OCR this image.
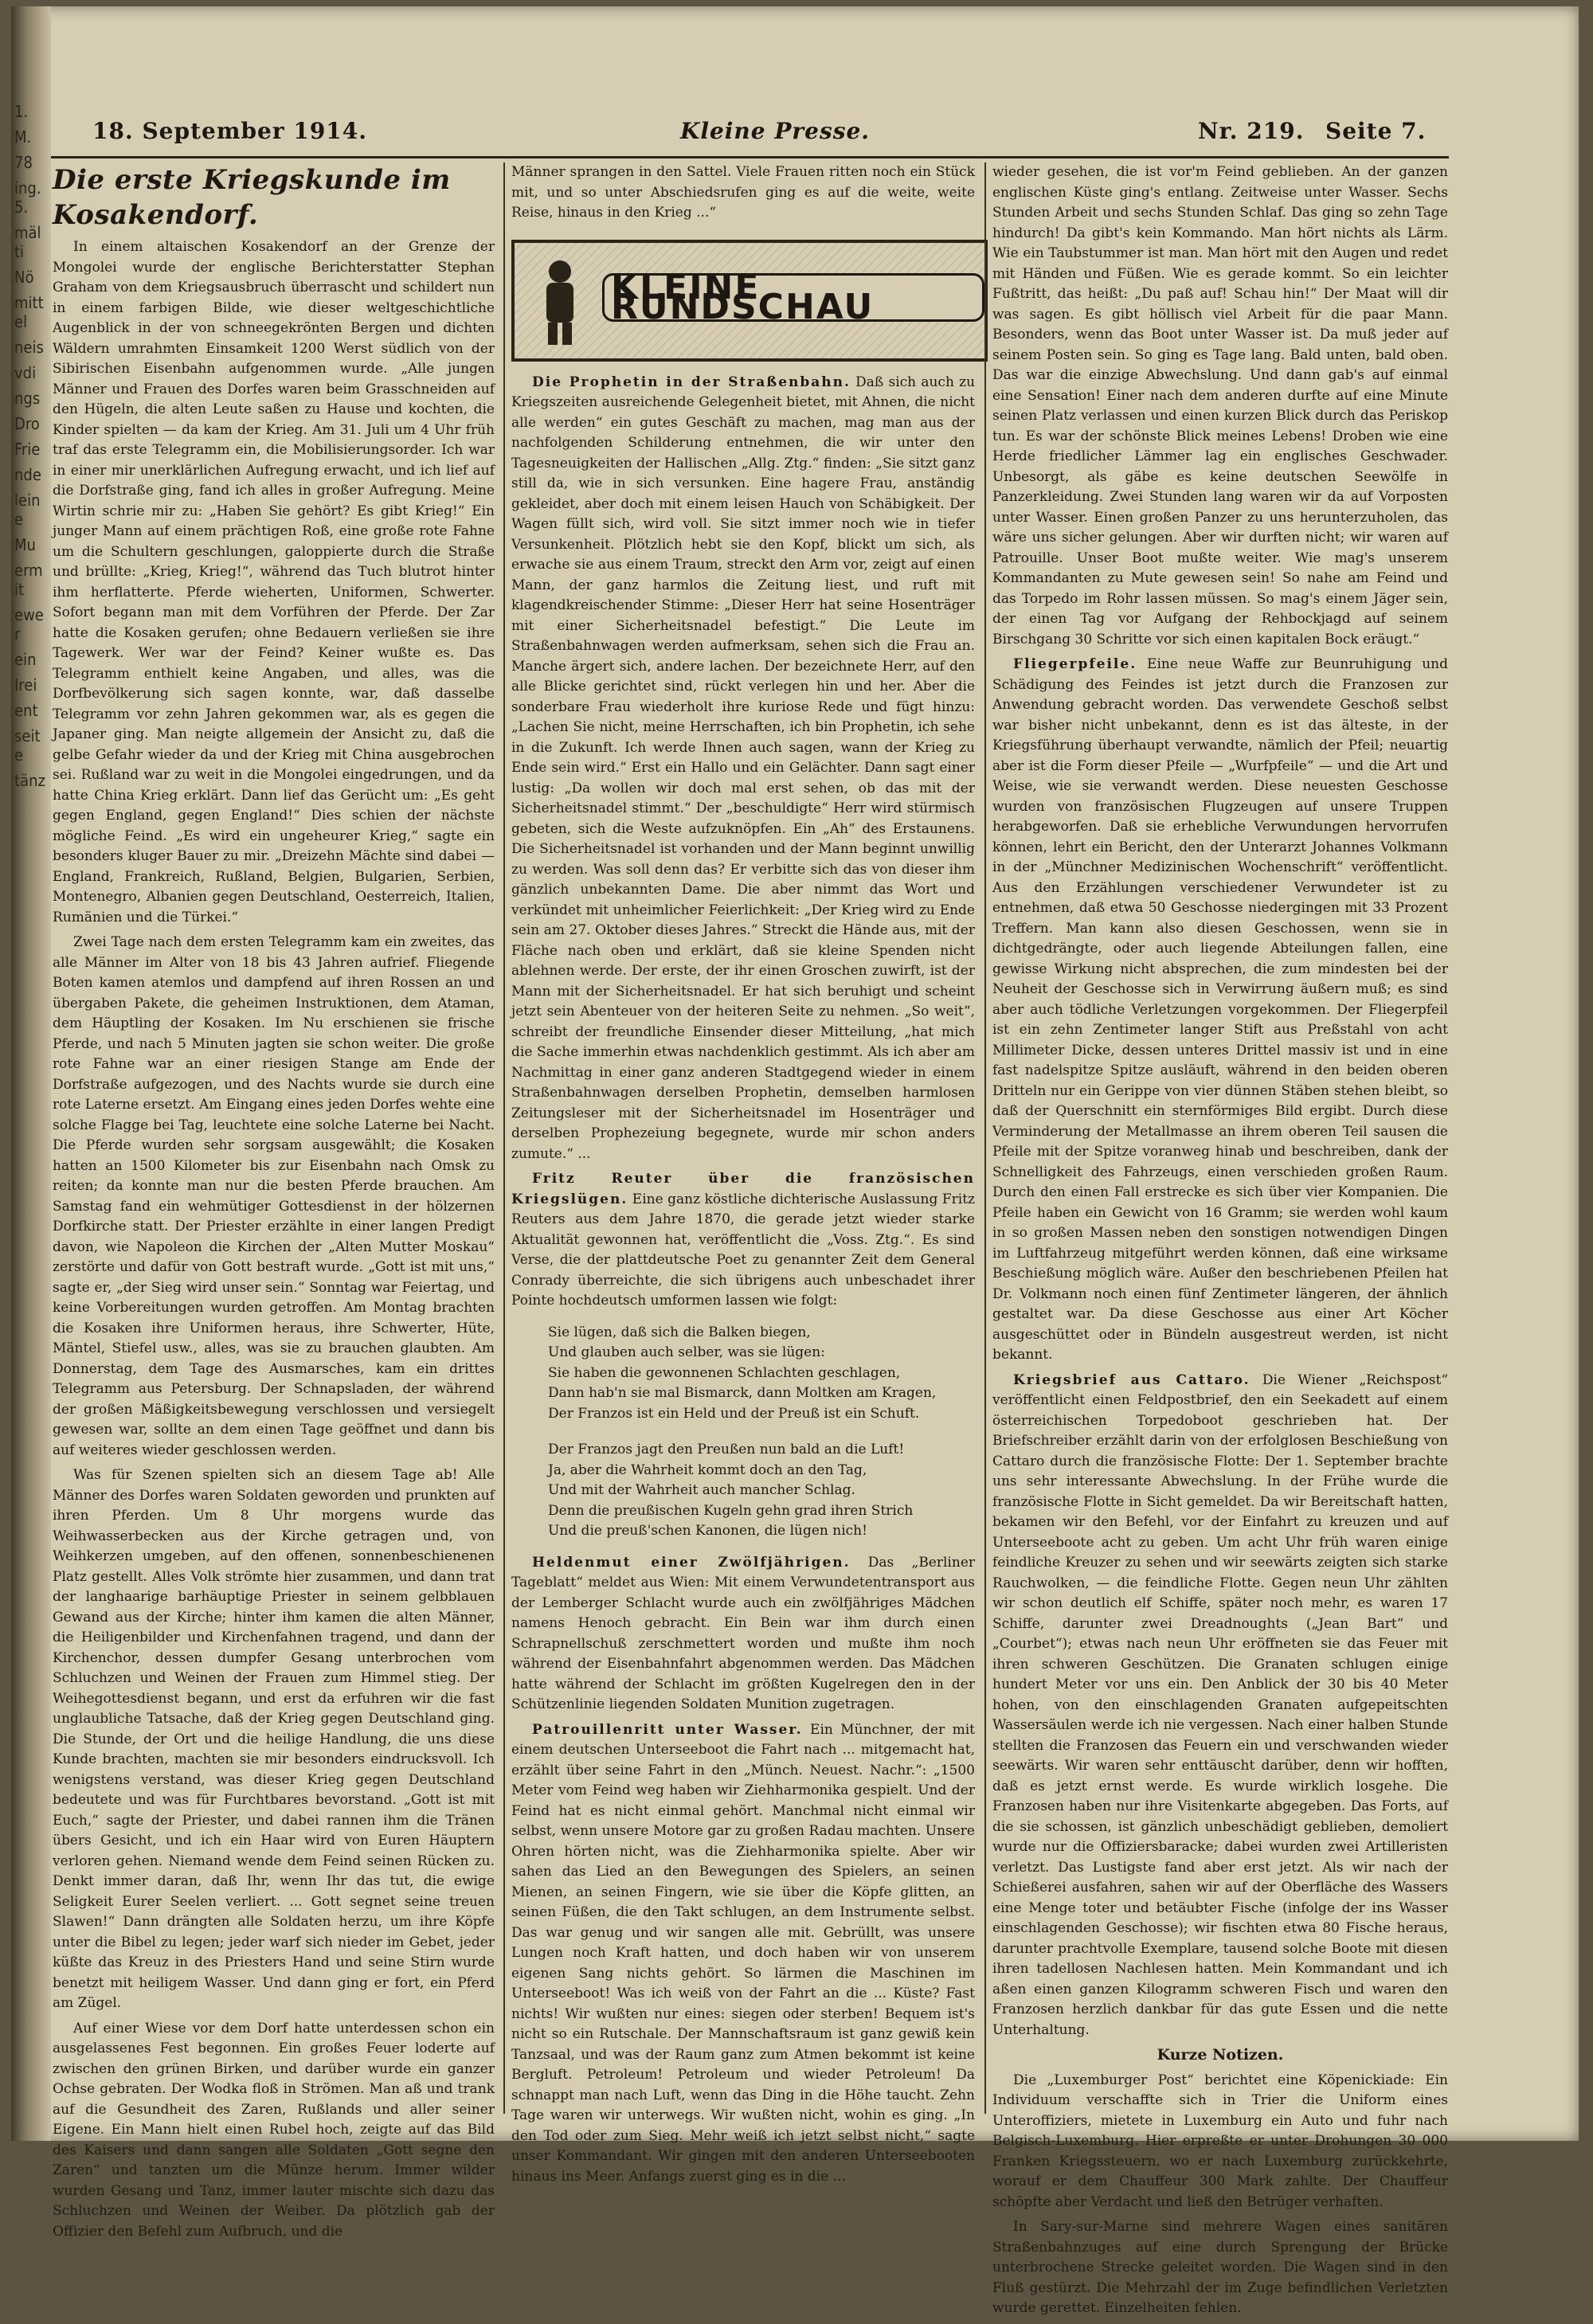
1.
M.
78
ing. 5.
mälti
Nö
mittel
neis
vdi
ngs
Dro
Frie
nde
leine
Mu
ermit
ewer
ein
Irei
ent
seite
tänz
18. September 1914.	Kleine Presse.	Nr. 219. Seite 7.

Die erste Kriegskunde im Kosakendorf.

In einem altaischen Kosakendorf an der Grenze der Mongolei wurde der englische Berichterstatter Stephan Graham von dem Kriegsausbruch überrascht und schildert nun in einem farbigen Bilde, wie dieser weltgeschichtliche Augenblick in der von schneegekrönten Bergen und dichten Wäldern umrahmten Einsamkeit 1200 Werst südlich von der Sibirischen Eisenbahn aufgenommen wurde. „Alle jungen Männer und Frauen des Dorfes waren beim Grasschneiden auf den Hügeln, die alten Leute saßen zu Hause und kochten, die Kinder spielten — da kam der Krieg. Am 31. Juli um 4 Uhr früh traf das erste Telegramm ein, die Mobilisierungsorder. Ich war in einer mir unerklärlichen Aufregung erwacht, und ich lief auf die Dorfstraße ging, fand ich alles in großer Aufregung. Meine Wirtin schrie mir zu: „Haben Sie gehört? Es gibt Krieg!“ Ein junger Mann auf einem prächtigen Roß, eine große rote Fahne um die Schultern geschlungen, galoppierte durch die Straße und brüllte: „Krieg, Krieg!“, während das Tuch blutrot hinter ihm herflatterte. Pferde wieherten, Uniformen, Schwerter. Sofort begann man mit dem Vorführen der Pferde. Der Zar hatte die Kosaken gerufen; ohne Bedauern verließen sie ihre Tagewerk. Wer war der Feind? Keiner wußte es. Das Telegramm enthielt keine Angaben, und alles, was die Dorfbevölkerung sich sagen konnte, war, daß dasselbe Telegramm vor zehn Jahren gekommen war, als es gegen die Japaner ging. Man neigte allgemein der Ansicht zu, daß die gelbe Gefahr wieder da und der Krieg mit China ausgebrochen sei. Rußland war zu weit in die Mongolei eingedrungen, und da hatte China Krieg erklärt. Dann lief das Gerücht um: „Es geht gegen England, gegen England!“ Dies schien der nächste mögliche Feind. „Es wird ein ungeheurer Krieg,“ sagte ein besonders kluger Bauer zu mir. „Dreizehn Mächte sind dabei — England, Frankreich, Rußland, Belgien, Bulgarien, Serbien, Montenegro, Albanien gegen Deutschland, Oesterreich, Italien, Rumänien und die Türkei.“

Zwei Tage nach dem ersten Telegramm kam ein zweites, das alle Männer im Alter von 18 bis 43 Jahren aufrief. Fliegende Boten kamen atemlos und dampfend auf ihren Rossen an und übergaben Pakete, die geheimen Instruktionen, dem Ataman, dem Häuptling der Kosaken. Im Nu erschienen sie frische Pferde, und nach 5 Minuten jagten sie schon weiter. Die große rote Fahne war an einer riesigen Stange am Ende der Dorfstraße aufgezogen, und des Nachts wurde sie durch eine rote Laterne ersetzt. Am Eingang eines jeden Dorfes wehte eine solche Flagge bei Tag, leuchtete eine solche Laterne bei Nacht. Die Pferde wurden sehr sorgsam ausgewählt; die Kosaken hatten an 1500 Kilometer bis zur Eisenbahn nach Omsk zu reiten; da konnte man nur die besten Pferde brauchen. Am Samstag fand ein wehmütiger Gottesdienst in der hölzernen Dorfkirche statt. Der Priester erzählte in einer langen Predigt davon, wie Napoleon die Kirchen der „Alten Mutter Moskau“ zerstörte und dafür von Gott bestraft wurde. „Gott ist mit uns,“ sagte er, „der Sieg wird unser sein.“ Sonntag war Feiertag, und keine Vorbereitungen wurden getroffen. Am Montag brachten die Kosaken ihre Uniformen heraus, ihre Schwerter, Hüte, Mäntel, Stiefel usw., alles, was sie zu brauchen glaubten. Am Donnerstag, dem Tage des Ausmarsches, kam ein drittes Telegramm aus Petersburg. Der Schnapsladen, der während der großen Mäßigkeitsbewegung verschlossen und versiegelt gewesen war, sollte an dem einen Tage geöffnet und dann bis auf weiteres wieder geschlossen werden.

Was für Szenen spielten sich an diesem Tage ab! Alle Männer des Dorfes waren Soldaten geworden und prunkten auf ihren Pferden. Um 8 Uhr morgens wurde das Weihwasserbecken aus der Kirche getragen und, von Weihkerzen umgeben, auf den offenen, sonnenbeschienenen Platz gestellt. Alles Volk strömte hier zusammen, und dann trat der langhaarige barhäuptige Priester in seinem gelbblauen Gewand aus der Kirche; hinter ihm kamen die alten Männer, die Heiligenbilder und Kirchenfahnen tragend, und dann der Kirchenchor, dessen dumpfer Gesang unterbrochen vom Schluchzen und Weinen der Frauen zum Himmel stieg. Der Weihegottesdienst begann, und erst da erfuhren wir die fast unglaubliche Tatsache, daß der Krieg gegen Deutschland ging. Die Stunde, der Ort und die heilige Handlung, die uns diese Kunde brachten, machten sie mir besonders eindrucksvoll. Ich wenigstens verstand, was dieser Krieg gegen Deutschland bedeutete und was für Furchtbares bevorstand. „Gott ist mit Euch,“ sagte der Priester, und dabei rannen ihm die Tränen übers Gesicht, und ich ein Haar wird von Euren Häuptern verloren gehen. Niemand wende dem Feind seinen Rücken zu. Denkt immer daran, daß Ihr, wenn Ihr das tut, die ewige Seligkeit Eurer Seelen verliert. ... Gott segnet seine treuen Slawen!“ Dann drängten alle Soldaten herzu, um ihre Köpfe unter die Bibel zu legen; jeder warf sich nieder im Gebet, jeder küßte das Kreuz in des Priesters Hand und seine Stirn wurde benetzt mit heiligem Wasser. Und dann ging er fort, ein Pferd am Zügel.

Auf einer Wiese vor dem Dorf hatte unterdessen schon ein ausgelassenes Fest begonnen. Ein großes Feuer loderte auf zwischen den grünen Birken, und darüber wurde ein ganzer Ochse gebraten. Der Wodka floß in Strömen. Man aß und trank auf die Gesundheit des Zaren, Rußlands und aller seiner Eigene. Ein Mann hielt einen Rubel hoch, zeigte auf das Bild des Kaisers und dann sangen alle Soldaten „Gott segne den Zaren“ und tanzten um die Münze herum. Immer wilder wurden Gesang und Tanz, immer lauter mischte sich dazu das Schluchzen und Weinen der Weiber. Da plötzlich gab der Offizier den Befehl zum Aufbruch, und die

Männer sprangen in den Sattel. Viele Frauen ritten noch ein Stück mit, und so unter Abschiedsrufen ging es auf die weite, weite Reise, hinaus in den Krieg ...“

KLEINE RUNDSCHAU

Die Prophetin in der Straßenbahn. Daß sich auch zu Kriegszeiten ausreichende Gelegenheit bietet, mit Ahnen, die nicht alle werden“ ein gutes Geschäft zu machen, mag man aus der nachfolgenden Schilderung entnehmen, die wir unter den Tagesneuigkeiten der Hallischen „Allg. Ztg.“ finden: „Sie sitzt ganz still da, wie in sich versunken. Eine hagere Frau, anständig gekleidet, aber doch mit einem leisen Hauch von Schäbigkeit. Der Wagen füllt sich, wird voll. Sie sitzt immer noch wie in tiefer Versunkenheit. Plötzlich hebt sie den Kopf, blickt um sich, als erwache sie aus einem Traum, streckt den Arm vor, zeigt auf einen Mann, der ganz harmlos die Zeitung liest, und ruft mit klagendkreischender Stimme: „Dieser Herr hat seine Hosenträger mit einer Sicherheitsnadel befestigt.“ Die Leute im Straßenbahnwagen werden aufmerksam, sehen sich die Frau an. Manche ärgert sich, andere lachen. Der bezeichnete Herr, auf den alle Blicke gerichtet sind, rückt verlegen hin und her. Aber die sonderbare Frau wiederholt ihre kuriose Rede und fügt hinzu: „Lachen Sie nicht, meine Herrschaften, ich bin Prophetin, ich sehe in die Zukunft. Ich werde Ihnen auch sagen, wann der Krieg zu Ende sein wird.“ Erst ein Hallo und ein Gelächter. Dann sagt einer lustig: „Da wollen wir doch mal erst sehen, ob das mit der Sicherheitsnadel stimmt.“ Der „beschuldigte“ Herr wird stürmisch gebeten, sich die Weste aufzuknöpfen. Ein „Ah“ des Erstaunens. Die Sicherheitsnadel ist vorhanden und der Mann beginnt unwillig zu werden. Was soll denn das? Er verbitte sich das von dieser ihm gänzlich unbekannten Dame. Die aber nimmt das Wort und verkündet mit unheimlicher Feierlichkeit: „Der Krieg wird zu Ende sein am 27. Oktober dieses Jahres.“ Streckt die Hände aus, mit der Fläche nach oben und erklärt, daß sie kleine Spenden nicht ablehnen werde. Der erste, der ihr einen Groschen zuwirft, ist der Mann mit der Sicherheitsnadel. Er hat sich beruhigt und scheint jetzt sein Abenteuer von der heiteren Seite zu nehmen. „So weit“, schreibt der freundliche Einsender dieser Mitteilung, „hat mich die Sache immerhin etwas nachdenklich gestimmt. Als ich aber am Nachmittag in einer ganz anderen Stadtgegend wieder in einem Straßenbahnwagen derselben Prophetin, demselben harmlosen Zeitungsleser mit der Sicherheitsnadel im Hosenträger und derselben Prophezeiung begegnete, wurde mir schon anders zumute.“ ...

Fritz Reuter über die französischen Kriegslügen. Eine ganz köstliche dichterische Auslassung Fritz Reuters aus dem Jahre 1870, die gerade jetzt wieder starke Aktualität gewonnen hat, veröffentlicht die „Voss. Ztg.“. Es sind Verse, die der plattdeutsche Poet zu genannter Zeit dem General Conrady überreichte, die sich übrigens auch unbeschadet ihrer Pointe hochdeutsch umformen lassen wie folgt:

Sie lügen, daß sich die Balken biegen,
Und glauben auch selber, was sie lügen:
Sie haben die gewonnenen Schlachten geschlagen,
Dann hab'n sie mal Bismarck, dann Moltken am Kragen,
Der Franzos ist ein Held und der Preuß ist ein Schuft.
Der Franzos jagt den Preußen nun bald an die Luft!
Ja, aber die Wahrheit kommt doch an den Tag,
Und mit der Wahrheit auch mancher Schlag.
Denn die preußischen Kugeln gehn grad ihren Strich
Und die preuß'schen Kanonen, die lügen nich!

Heldenmut einer Zwölfjährigen. Das „Berliner Tageblatt“ meldet aus Wien: Mit einem Verwundetentransport aus der Lemberger Schlacht wurde auch ein zwölfjähriges Mädchen namens Henoch gebracht. Ein Bein war ihm durch einen Schrapnellschuß zerschmettert worden und mußte ihm noch während der Eisenbahnfahrt abgenommen werden. Das Mädchen hatte während der Schlacht im größten Kugelregen den in der Schützenlinie liegenden Soldaten Munition zugetragen.

Patrouillenritt unter Wasser. Ein Münchner, der mit einem deutschen Unterseeboot die Fahrt nach ... mitgemacht hat, erzählt über seine Fahrt in den „Münch. Neuest. Nachr.“: „1500 Meter vom Feind weg haben wir Ziehharmonika gespielt. Und der Feind hat es nicht einmal gehört. Manchmal nicht einmal wir selbst, wenn unsere Motore gar zu großen Radau machten. Unsere Ohren hörten nicht, was die Ziehharmonika spielte. Aber wir sahen das Lied an den Bewegungen des Spielers, an seinen Mienen, an seinen Fingern, wie sie über die Köpfe glitten, an seinen Füßen, die den Takt schlugen, an dem Instrumente selbst. Das war genug und wir sangen alle mit. Gebrüllt, was unsere Lungen noch Kraft hatten, und doch haben wir von unserem eigenen Sang nichts gehört. So lärmen die Maschinen im Unterseeboot! Was ich weiß von der Fahrt an die ... Küste? Fast nichts! Wir wußten nur eines: siegen oder sterben! Bequem ist's nicht so ein Rutschale. Der Mannschaftsraum ist ganz gewiß kein Tanzsaal, und was der Raum ganz zum Atmen bekommt ist keine Bergluft. Petroleum! Petroleum und wieder Petroleum! Da schnappt man nach Luft, wenn das Ding in die Höhe taucht. Zehn Tage waren wir unterwegs. Wir wußten nicht, wohin es ging. „In den Tod oder zum Sieg. Mehr weiß ich jetzt selbst nicht,“ sagte unser Kommandant. Wir gingen mit den anderen Unterseebooten hinaus ins Meer. Anfangs zuerst ging es in die ...

wieder gesehen, die ist vor'm Feind geblieben. An der ganzen englischen Küste ging's entlang. Zeitweise unter Wasser. Sechs Stunden Arbeit und sechs Stunden Schlaf. Das ging so zehn Tage hindurch! Da gibt's kein Kommando. Man hört nichts als Lärm. Wie ein Taubstummer ist man. Man hört mit den Augen und redet mit Händen und Füßen. Wie es gerade kommt. So ein leichter Fußtritt, das heißt: „Du paß auf! Schau hin!“ Der Maat will dir was sagen. Es gibt höllisch viel Arbeit für die paar Mann. Besonders, wenn das Boot unter Wasser ist. Da muß jeder auf seinem Posten sein. So ging es Tage lang. Bald unten, bald oben. Das war die einzige Abwechslung. Und dann gab's auf einmal eine Sensation! Einer nach dem anderen durfte auf eine Minute seinen Platz verlassen und einen kurzen Blick durch das Periskop tun. Es war der schönste Blick meines Lebens! Droben wie eine Herde friedlicher Lämmer lag ein englisches Geschwader. Unbesorgt, als gäbe es keine deutschen Seewölfe in Panzerkleidung. Zwei Stunden lang waren wir da auf Vorposten unter Wasser. Einen großen Panzer zu uns herunterzuholen, das wäre uns sicher gelungen. Aber wir durften nicht; wir waren auf Patrouille. Unser Boot mußte weiter. Wie mag's unserem Kommandanten zu Mute gewesen sein! So nahe am Feind und das Torpedo im Rohr lassen müssen. So mag's einem Jäger sein, der einen Tag vor Aufgang der Rehbockjagd auf seinem Birschgang 30 Schritte vor sich einen kapitalen Bock eräugt.“

Fliegerpfeile. Eine neue Waffe zur Beunruhigung und Schädigung des Feindes ist jetzt durch die Franzosen zur Anwendung gebracht worden. Das verwendete Geschoß selbst war bisher nicht unbekannt, denn es ist das älteste, in der Kriegsführung überhaupt verwandte, nämlich der Pfeil; neuartig aber ist die Form dieser Pfeile — „Wurfpfeile“ — und die Art und Weise, wie sie verwandt werden. Diese neuesten Geschosse wurden von französischen Flugzeugen auf unsere Truppen herabgeworfen. Daß sie erhebliche Verwundungen hervorrufen können, lehrt ein Bericht, den der Unterarzt Johannes Volkmann in der „Münchner Medizinischen Wochenschrift“ veröffentlicht. Aus den Erzählungen verschiedener Verwundeter ist zu entnehmen, daß etwa 50 Geschosse niedergingen mit 33 Prozent Treffern. Man kann also diesen Geschossen, wenn sie in dichtgedrängte, oder auch liegende Abteilungen fallen, eine gewisse Wirkung nicht absprechen, die zum mindesten bei der Neuheit der Geschosse sich in Verwirrung äußern muß; es sind aber auch tödliche Verletzungen vorgekommen. Der Fliegerpfeil ist ein zehn Zentimeter langer Stift aus Preßstahl von acht Millimeter Dicke, dessen unteres Drittel massiv ist und in eine fast nadelspitze Spitze ausläuft, während in den beiden oberen Dritteln nur ein Gerippe von vier dünnen Stäben stehen bleibt, so daß der Querschnitt ein sternförmiges Bild ergibt. Durch diese Verminderung der Metallmasse an ihrem oberen Teil sausen die Pfeile mit der Spitze voranweg hinab und beschreiben, dank der Schnelligkeit des Fahrzeugs, einen verschieden großen Raum. Durch den einen Fall erstrecke es sich über vier Kompanien. Die Pfeile haben ein Gewicht von 16 Gramm; sie werden wohl kaum in so großen Massen neben den sonstigen notwendigen Dingen im Luftfahrzeug mitgeführt werden können, daß eine wirksame Beschießung möglich wäre. Außer den beschriebenen Pfeilen hat Dr. Volkmann noch einen fünf Zentimeter längeren, der ähnlich gestaltet war. Da diese Geschosse aus einer Art Köcher ausgeschüttet oder in Bündeln ausgestreut werden, ist nicht bekannt.

Kriegsbrief aus Cattaro. Die Wiener „Reichspost“ veröffentlicht einen Feldpostbrief, den ein Seekadett auf einem österreichischen Torpedoboot geschrieben hat. Der Briefschreiber erzählt darin von der erfolglosen Beschießung von Cattaro durch die französische Flotte: Der 1. September brachte uns sehr interessante Abwechslung. In der Frühe wurde die französische Flotte in Sicht gemeldet. Da wir Bereitschaft hatten, bekamen wir den Befehl, vor der Einfahrt zu kreuzen und auf Unterseeboote acht zu geben. Um acht Uhr früh waren einige feindliche Kreuzer zu sehen und wir seewärts zeigten sich starke Rauchwolken, — die feindliche Flotte. Gegen neun Uhr zählten wir schon deutlich elf Schiffe, später noch mehr, es waren 17 Schiffe, darunter zwei Dreadnoughts („Jean Bart“ und „Courbet“); etwas nach neun Uhr eröffneten sie das Feuer mit ihren schweren Geschützen. Die Granaten schlugen einige hundert Meter vor uns ein. Den Anblick der 30 bis 40 Meter hohen, von den einschlagenden Granaten aufgepeitschten Wassersäulen werde ich nie vergessen. Nach einer halben Stunde stellten die Franzosen das Feuern ein und verschwanden wieder seewärts. Wir waren sehr enttäuscht darüber, denn wir hofften, daß es jetzt ernst werde. Es wurde wirklich losgehe. Die Franzosen haben nur ihre Visitenkarte abgegeben. Das Forts, auf die sie schossen, ist gänzlich unbeschädigt geblieben, demoliert wurde nur die Offiziersbaracke; dabei wurden zwei Artilleristen verletzt. Das Lustigste fand aber erst jetzt. Als wir nach der Schießerei ausfahren, sahen wir auf der Oberfläche des Wassers eine Menge toter und betäubter Fische (infolge der ins Wasser einschlagenden Geschosse); wir fischten etwa 80 Fische heraus, darunter prachtvolle Exemplare, tausend solche Boote mit diesen ihren tadellosen Nachlesen hatten. Mein Kommandant und ich aßen einen ganzen Kilogramm schweren Fisch und waren den Franzosen herzlich dankbar für das gute Essen und die nette Unterhaltung.

Kurze Notizen.

Die „Luxemburger Post“ berichtet eine Köpenickiade: Ein Individuum verschaffte sich in Trier die Uniform eines Unteroffiziers, mietete in Luxemburg ein Auto und fuhr nach Belgisch-Luxemburg. Hier erpreßte er unter Drohungen 30 000 Franken Kriegssteuern, wo er nach Luxemburg zurückkehrte, worauf er dem Chauffeur 300 Mark zahlte. Der Chauffeur schöpfte aber Verdacht und ließ den Betrüger verhaften.

In Sary-sur-Marne sind mehrere Wagen eines sanitären Straßenbahnzuges auf eine durch Sprengung der Brücke unterbrochene Strecke geleitet worden. Die Wagen sind in den Fluß gestürzt. Die Mehrzahl der im Zuge befindlichen Verletzten wurde gerettet. Einzelheiten fehlen.
